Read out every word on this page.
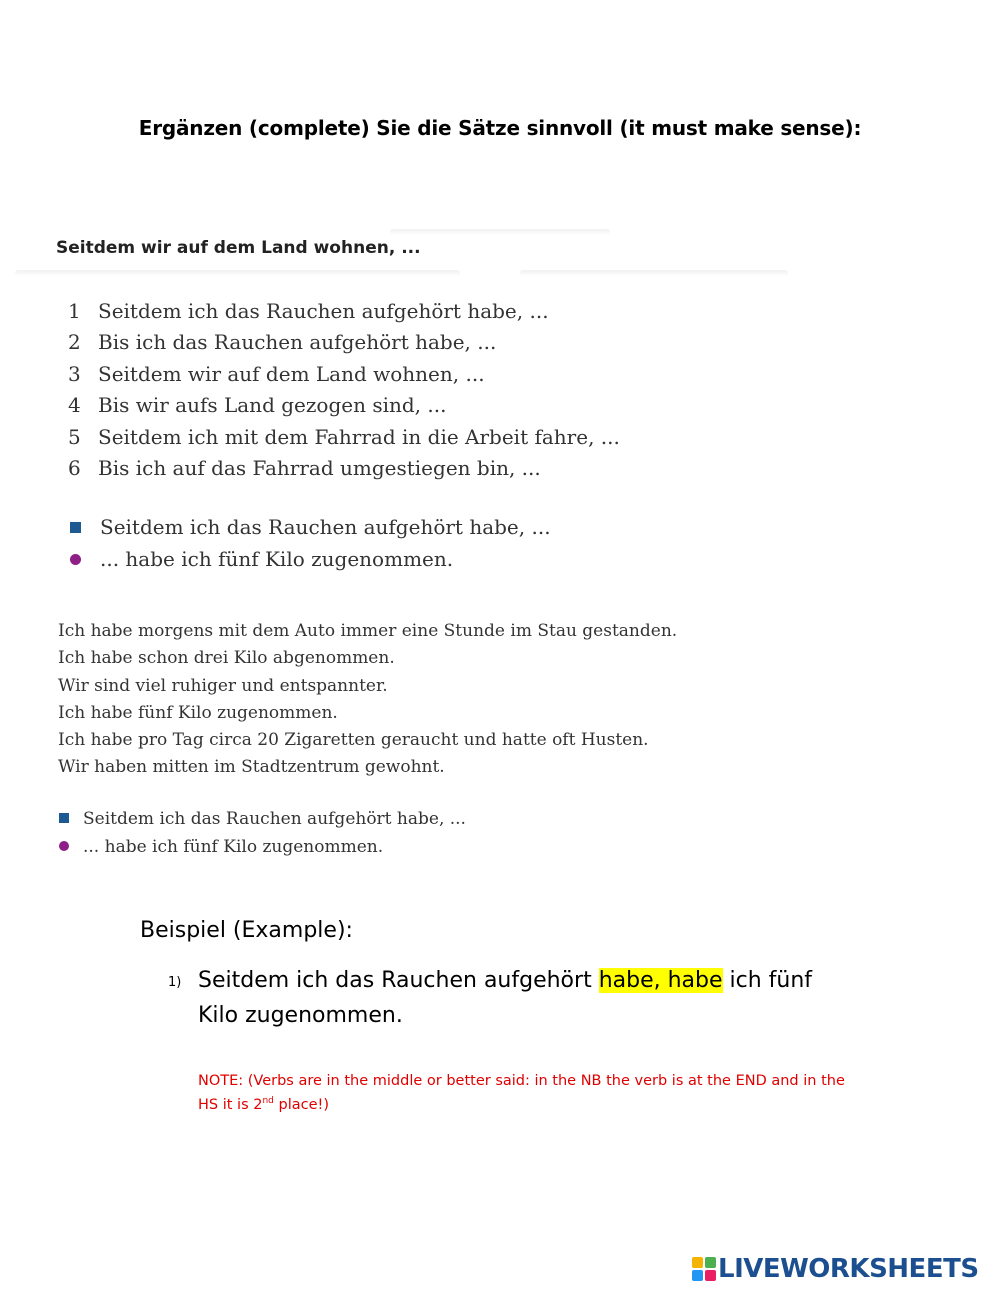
Ergänzen (complete) Sie die Sätze sinnvoll (it must make sense):
Seitdem wir auf dem Land wohnen, ...
1 Seitdem ich das Rauchen aufgehört habe, ...
2 Bis ich das Rauchen aufgehört habe, ...
3 Seitdem wir auf dem Land wohnen, ...
4 Bis wir aufs Land gezogen sind, ...
5 Seitdem ich mit dem Fahrrad in die Arbeit fahre, ...
6 Bis ich auf das Fahrrad umgestiegen bin, ...
Seitdem ich das Rauchen aufgehört habe, ...
... habe ich fünf Kilo zugenommen.
Ich habe morgens mit dem Auto immer eine Stunde im Stau gestanden.
Ich habe schon drei Kilo abgenommen.
Wir sind viel ruhiger und entspannter.
Ich habe fünf Kilo zugenommen.
Ich habe pro Tag circa 20 Zigaretten geraucht und hatte oft Husten.
Wir haben mitten im Stadtzentrum gewohnt.
Seitdem ich das Rauchen aufgehört habe, ...
... habe ich fünf Kilo zugenommen.
Beispiel (Example):
1) Seitdem ich das Rauchen aufgehört habe, habe ich fünf Kilo zugenommen.
NOTE: (Verbs are in the middle or better said: in the NB the verb is at the END and in the HS it is 2nd place!)
LIVEWORKSHEETS
